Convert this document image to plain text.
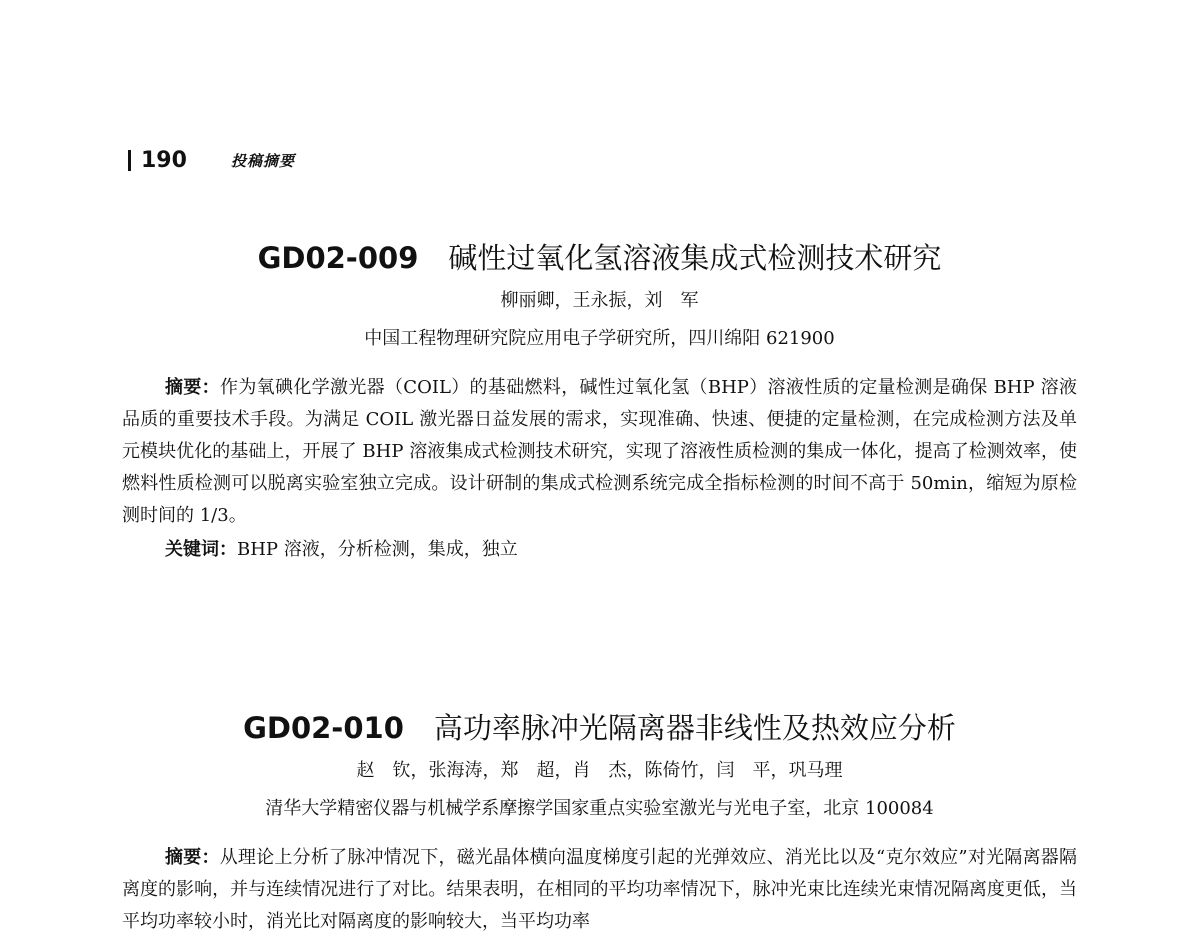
190	投稿摘要
GD02-009 碱性过氧化氢溶液集成式检测技术研究
柳丽卿，王永振，刘　军
中国工程物理研究院应用电子学研究所，四川绵阳 621900
摘要：作为氧碘化学激光器（COIL）的基础燃料，碱性过氧化氢（BHP）溶液性质的定量检测是确保 BHP 溶液品质的重要技术手段。为满足 COIL 激光器日益发展的需求，实现准确、快速、便捷的定量检测，在完成检测方法及单元模块优化的基础上，开展了 BHP 溶液集成式检测技术研究，实现了溶液性质检测的集成一体化，提高了检测效率，使燃料性质检测可以脱离实验室独立完成。设计研制的集成式检测系统完成全指标检测的时间不高于 50min，缩短为原检测时间的 1/3。
关键词：BHP 溶液，分析检测，集成，独立
GD02-010 高功率脉冲光隔离器非线性及热效应分析
赵　钦，张海涛，郑　超，肖　杰，陈倚竹，闫　平，巩马理
清华大学精密仪器与机械学系摩擦学国家重点实验室激光与光电子室，北京 100084
摘要：从理论上分析了脉冲情况下，磁光晶体横向温度梯度引起的光弹效应、消光比以及“克尔效应”对光隔离器隔离度的影响，并与连续情况进行了对比。结果表明，在相同的平均功率情况下，脉冲光束比连续光束情况隔离度更低，当平均功率较小时，消光比对隔离度的影响较大，当平均功率
